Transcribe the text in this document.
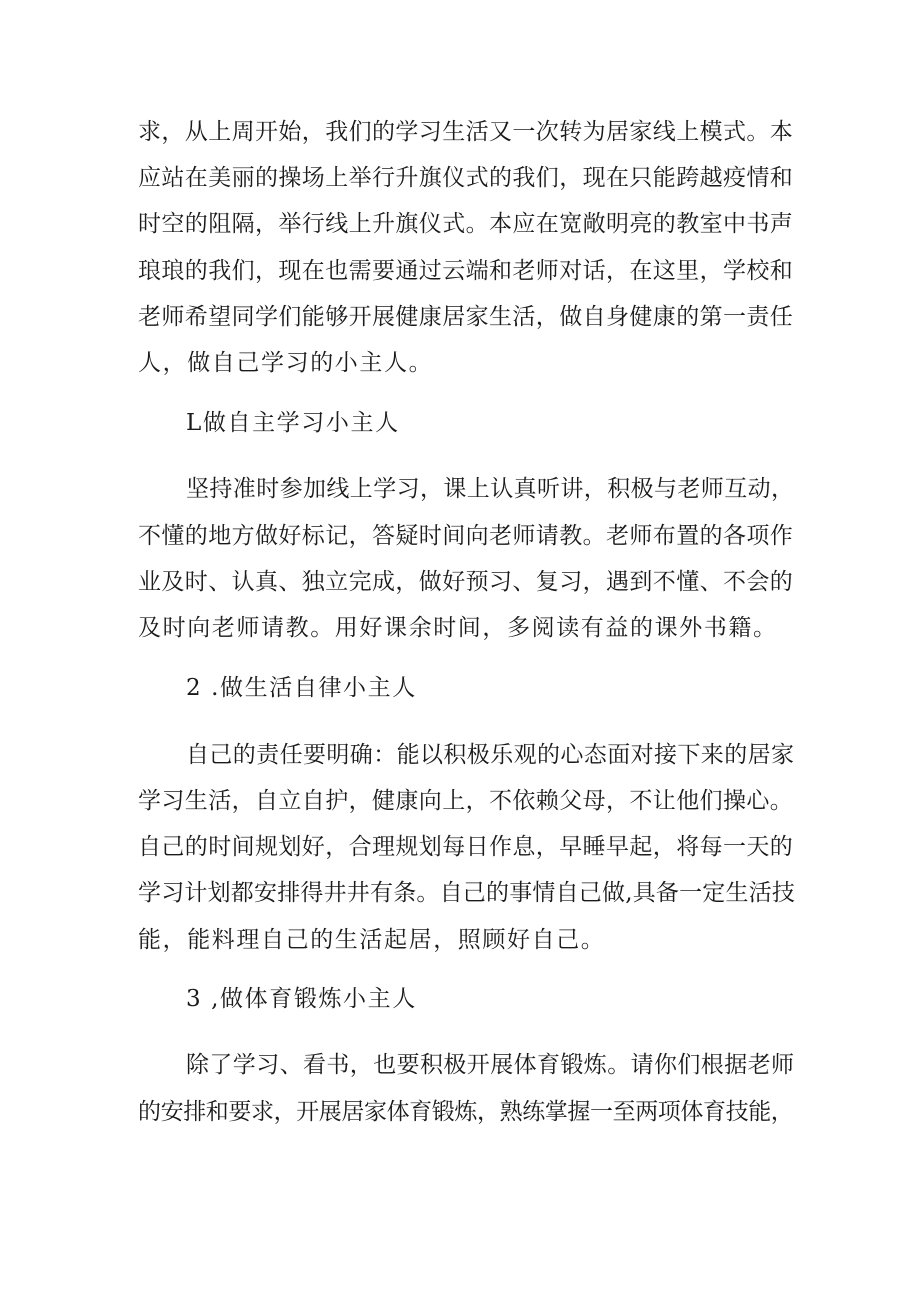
求，从上周开始，我们的学习生活又一次转为居家线上模式。本
应站在美丽的操场上举行升旗仪式的我们，现在只能跨越疫情和
时空的阻隔，举行线上升旗仪式。本应在宽敞明亮的教室中书声
琅琅的我们，现在也需要通过云端和老师对话，在这里，学校和
老师希望同学们能够开展健康居家生活，做自身健康的第一责任
人，做自己学习的小主人。
L做自主学习小主人
坚持准时参加线上学习，课上认真听讲，积极与老师互动，
不懂的地方做好标记，答疑时间向老师请教。老师布置的各项作
业及时、认真、独立完成，做好预习、复习，遇到不懂、不会的
及时向老师请教。用好课余时间，多阅读有益的课外书籍。
2 .做生活自律小主人
自己的责任要明确：能以积极乐观的心态面对接下来的居家
学习生活，自立自护，健康向上，不依赖父母，不让他们操心。
自己的时间规划好，合理规划每日作息，早睡早起，将每一天的
学习计划都安排得井井有条。自己的事情自己做,具备一定生活技
能，能料理自己的生活起居，照顾好自己。
3 ,做体育锻炼小主人
除了学习、看书，也要积极开展体育锻炼。请你们根据老师
的安排和要求，开展居家体育锻炼，熟练掌握一至两项体育技能，
